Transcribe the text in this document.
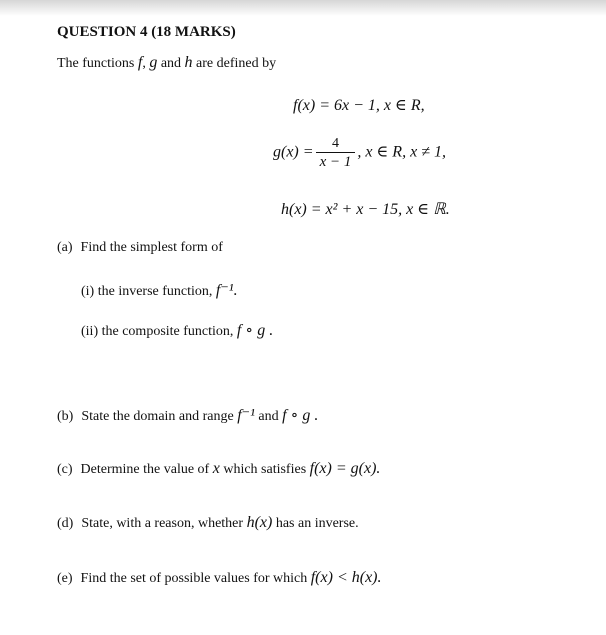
QUESTION 4 (18 MARKS)
The functions f, g and h are defined by
f(x) = 6x − 1, x ∈ R,
$g(x) = \frac{4}{x - 1}$ , x ∈ R, x ≠ 1,
h(x) = x² + x − 15, x ∈ ℝ.
(a) Find the simplest form of
(i) the inverse function, f⁻¹.
(ii) the composite function, f ∘ g .
(b) State the domain and range f⁻¹ and f ∘ g .
(c) Determine the value of x which satisfies f(x) = g(x).
(d) State, with a reason, whether h(x) has an inverse.
(e) Find the set of possible values for which f(x) < h(x).
